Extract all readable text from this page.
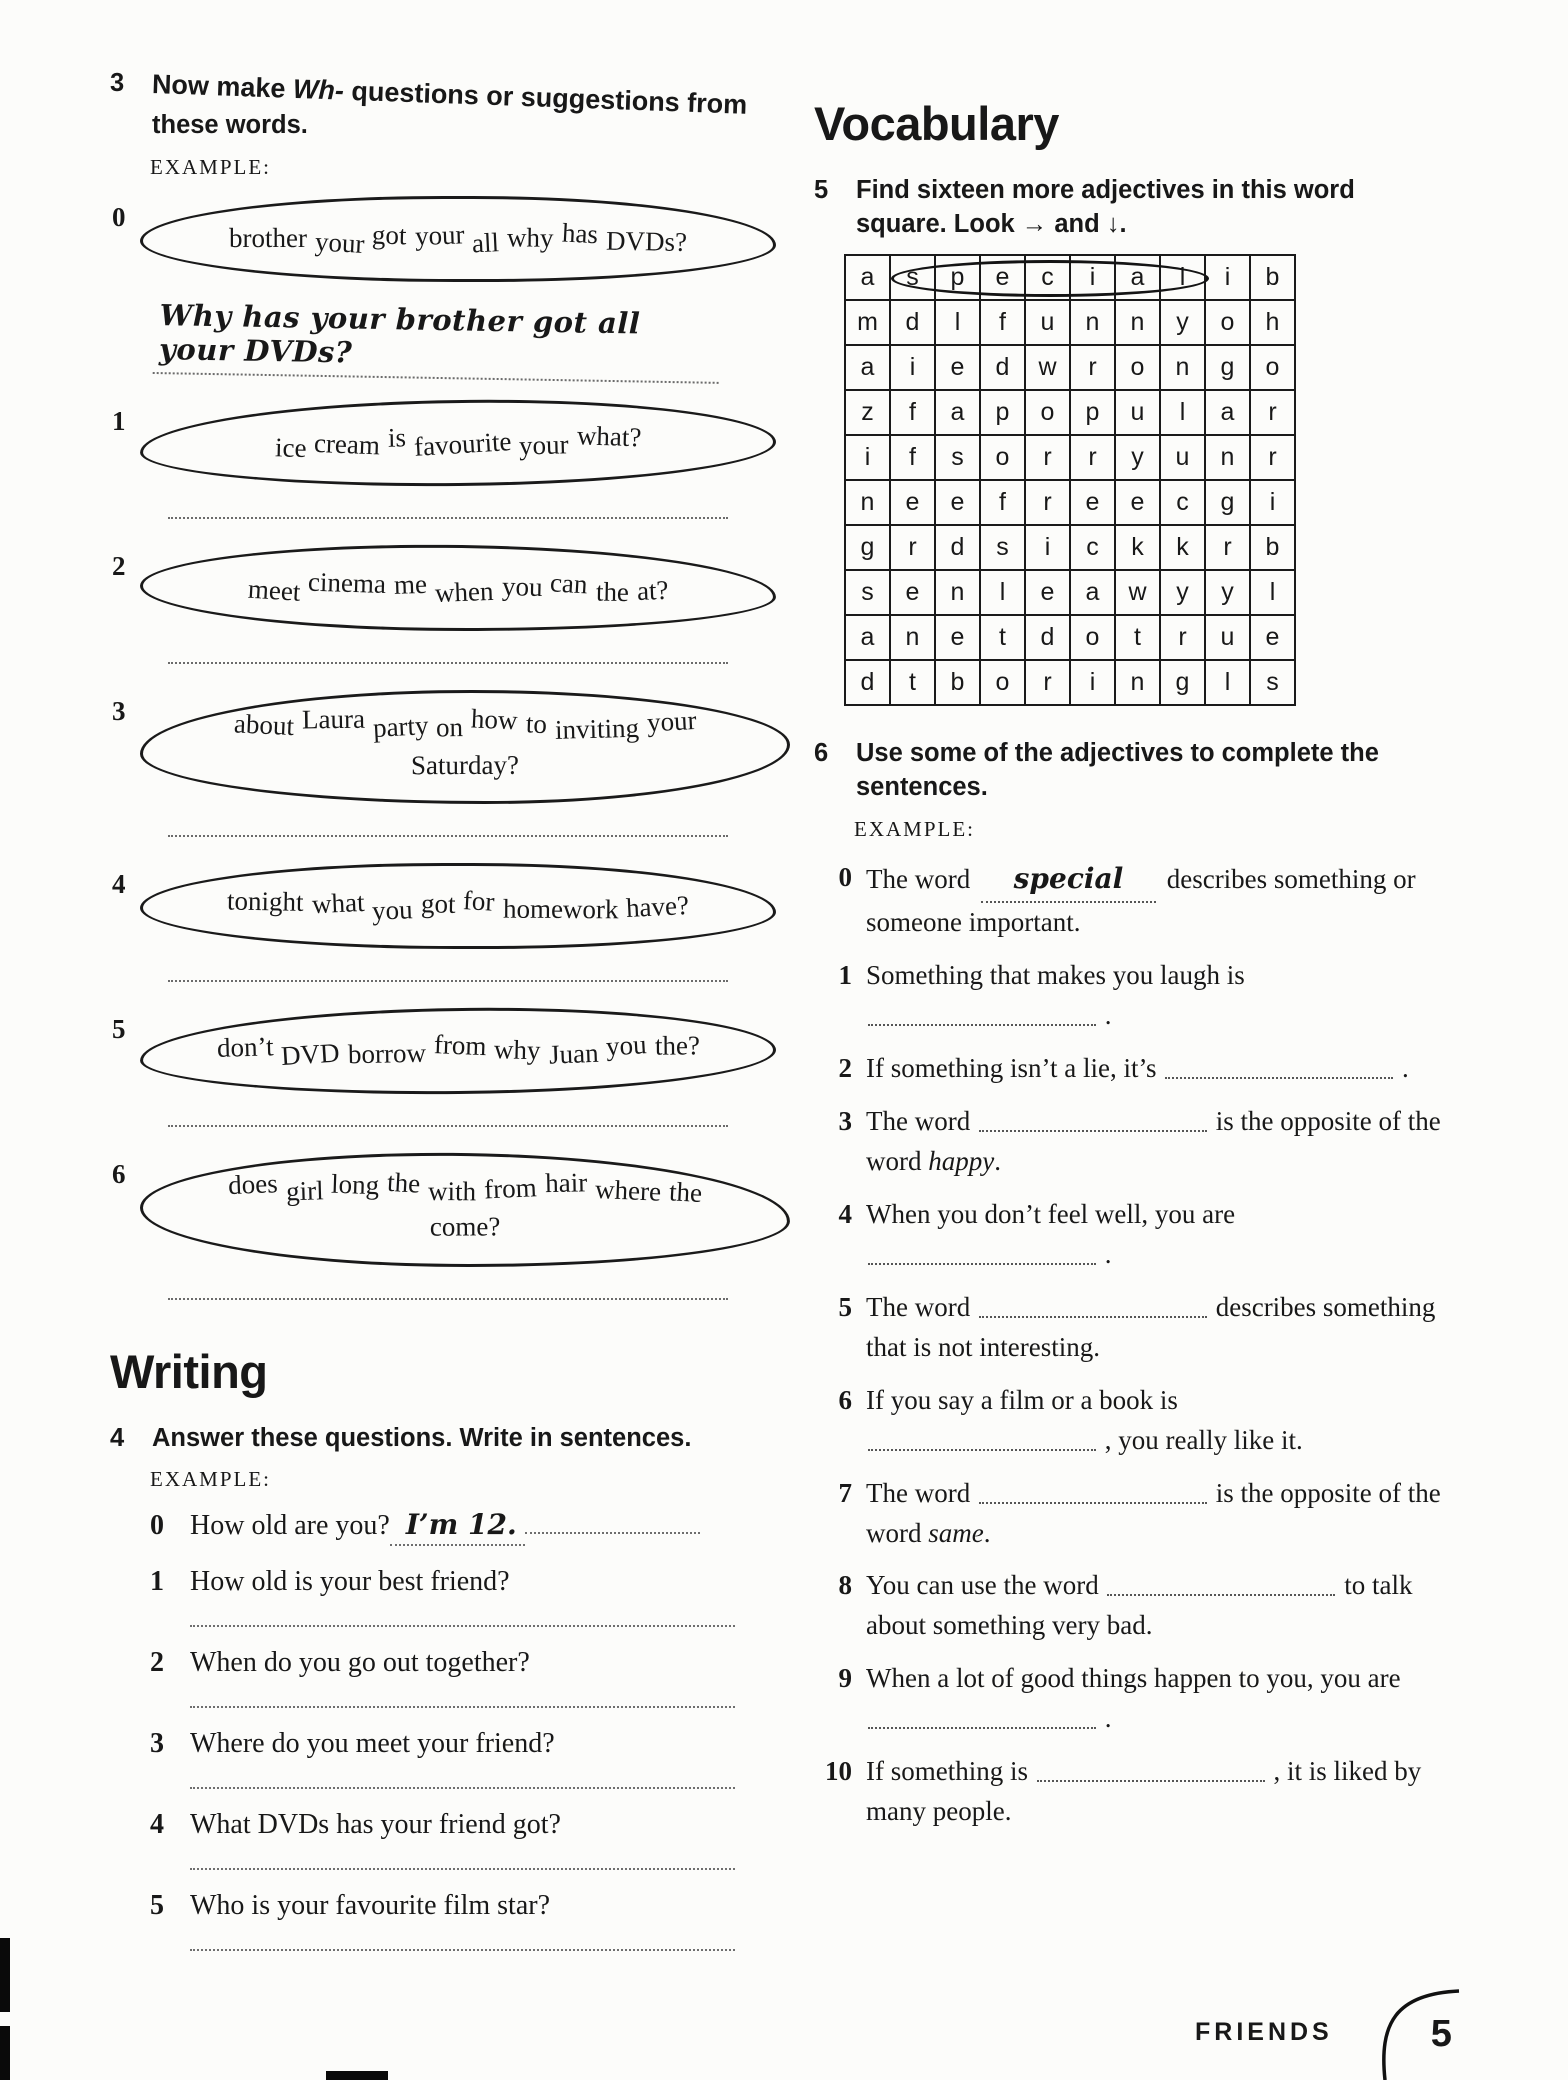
3	Now make Wh- questions or suggestions from
these words.
EXAMPLE:
0
brother your got your all why has DVDs?
Why has your brother got all your DVDs?
1
ice cream is favourite your what?
2
meet cinema me when you can the at?
3	about Laura party on how to inviting your
Saturday?
4
tonight what you got for homework have?
5
don’t DVD borrow from why Juan you the?
6	does girl long the with from hair where the
come?
Writing
4	Answer these questions. Write in sentences.
EXAMPLE:
0 How old are you? I’m 12.
1 How old is your best friend?
2 When do you go out together?
3 Where do you meet your friend?
4 What DVDs has your friend got?
5 Who is your favourite film star?
Vocabulary
5	Find sixteen more adjectives in this word square. Look → and ↓.
a	s	p	e	c	i	a	l	i	b
m	d	l	f	u	n	n	y	o	h
a	i	e	d	w	r	o	n	g	o
z	f	a	p	o	p	u	l	a	r
i	f	s	o	r	r	y	u	n	r
n	e	e	f	r	e	e	c	g	i
g	r	d	s	i	c	k	k	r	b
s	e	n	l	e	a	w	y	y	l
a	n	e	t	d	o	t	r	u	e
d	t	b	o	r	i	n	g	l	s
6	Use some of the adjectives to complete the sentences.
EXAMPLE:
0 The word special describes something or someone important.
1 Something that makes you laugh is
.
2 If something isn’t a lie, it’s	.
3 The word	is the opposite of the word happy.
4 When you don’t feel well, you are
.
5 The word	describes something that is not interesting.
6 If you say a film or a book is
, you really like it.
7 The word	is the opposite of the word same.
8 You can use the word	to talk about something very bad.
9 When a lot of good things happen to you, you are  .
10 If something is	, it is liked by many people.
FRIENDS	5
